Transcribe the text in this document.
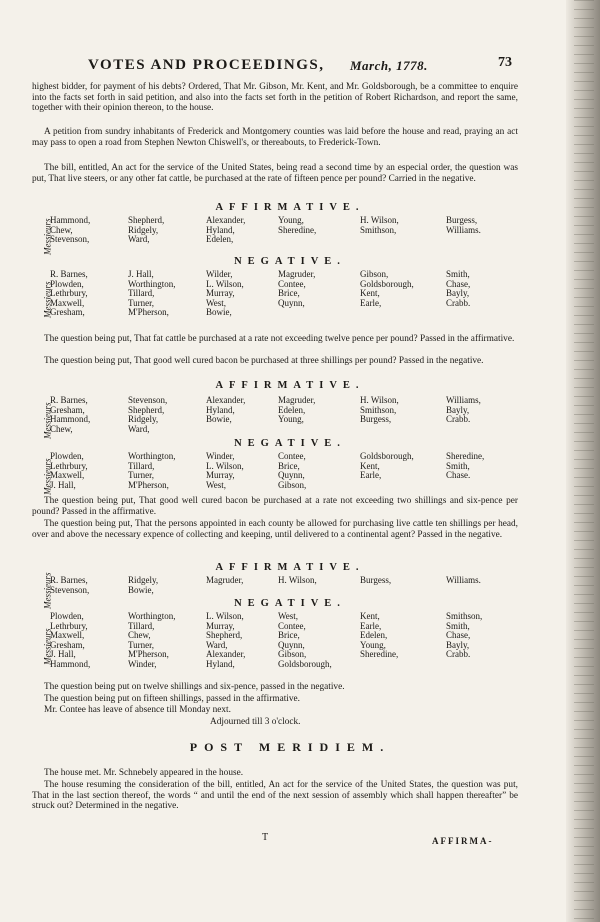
VOTES AND PROCEEDINGS, March, 1778.	73
highest bidder, for payment of his debts? Ordered, That Mr. Gibson, Mr. Kent, and Mr. Goldsborough, be a committee to enquire into the facts set forth in said petition, and also into the facts set forth in the petition of Robert Richardson, and report the same, together with their opinion thereon, to the house.
A petition from sundry inhabitants of Frederick and Montgomery counties was laid before the house and read, praying an act may pass to open a road from Stephen Newton Chiswell's, or thereabouts, to Frederick-Town.
The bill, entitled, An act for the service of the United States, being read a second time by an especial order, the question was put, That live steers, or any other fat cattle, be purchased at the rate of fifteen pence per pound? Carried in the negative.
AFFIRMATIVE.
Messieurs
Hammond,	Shepherd,	Alexander,	Young,	H. Wilson,	Burgess,
Chew,	Ridgely,	Hyland,	Sheredine,	Smithson,	Williams.
Stevenson,	Ward,	Edelen,
NEGATIVE.
Messieurs
R. Barnes,	J. Hall,	Wilder,	Magruder,	Gibson,	Smith,
Plowden,	Worthington,	L. Wilson,	Contee,	Goldsborough,	Chase,
Lethrbury,	Tillard,	Murray,	Brice,	Kent,	Bayly,
Maxwell,	Turner,	West,	Quynn,	Earle,	Crabb.
Gresham,	M'Pherson,	Bowie,
The question being put, That fat cattle be purchased at a rate not exceeding twelve pence per pound? Passed in the affirmative.
The question being put, That good well cured bacon be purchased at three shillings per pound? Passed in the negative.
AFFIRMATIVE.
Messieurs
R. Barnes,	Stevenson,	Alexander,	Magruder,	H. Wilson,	Williams,
Gresham,	Shepherd,	Hyland,	Edelen,	Smithson,	Bayly,
Hammond,	Ridgely,	Bowie,	Young,	Burgess,	Crabb.
Chew,	Ward,
NEGATIVE.
Messieurs
Plowden,	Worthington,	Winder,	Contee,	Goldsborough,	Sheredine,
Lethrbury,	Tillard,	L. Wilson,	Brice,	Kent,	Smith,
Maxwell,	Turner,	Murray,	Quynn,	Earle,	Chase.
J. Hall,	M'Pherson,	West,	Gibson,
The question being put, That good well cured bacon be purchased at a rate not exceeding two shillings and six-pence per pound? Passed in the affirmative.
The question being put, That the persons appointed in each county be allowed for purchasing live cattle ten shillings per head, over and above the necessary expence of collecting and keeping, until delivered to a continental agent? Passed in the negative.
AFFIRMATIVE.
Messieurs
R. Barnes,	Ridgely,	Magruder,	H. Wilson,	Burgess,	Williams.
Stevenson,	Bowie,
NEGATIVE.
Messieurs
Plowden,	Worthington,	L. Wilson,	West,	Kent,	Smithson,
Lethrbury,	Tillard,	Murray,	Contee,	Earle,	Smith,
Maxwell,	Chew,	Shepherd,	Brice,	Edelen,	Chase,
Gresham,	Turner,	Ward,	Quynn,	Young,	Bayly,
J. Hall,	M'Pherson,	Alexander,	Gibson,	Sheredine,	Crabb.
Hammond,	Winder,	Hyland,	Goldsborough,
The question being put on twelve shillings and six-pence, passed in the negative.
The question being put on fifteen shillings, passed in the affirmative.
Mr. Contee has leave of absence till Monday next.
Adjourned till 3 o'clock.
POST MERIDIEM.
The house met. Mr. Schnebely appeared in the house.
The house resuming the consideration of the bill, entitled, An act for the service of the United States, the question was put, That in the last section thereof, the words “ and until the end of the next session of assembly which shall happen thereafter” be struck out? Determined in the negative.
T	AFFIRMA-
